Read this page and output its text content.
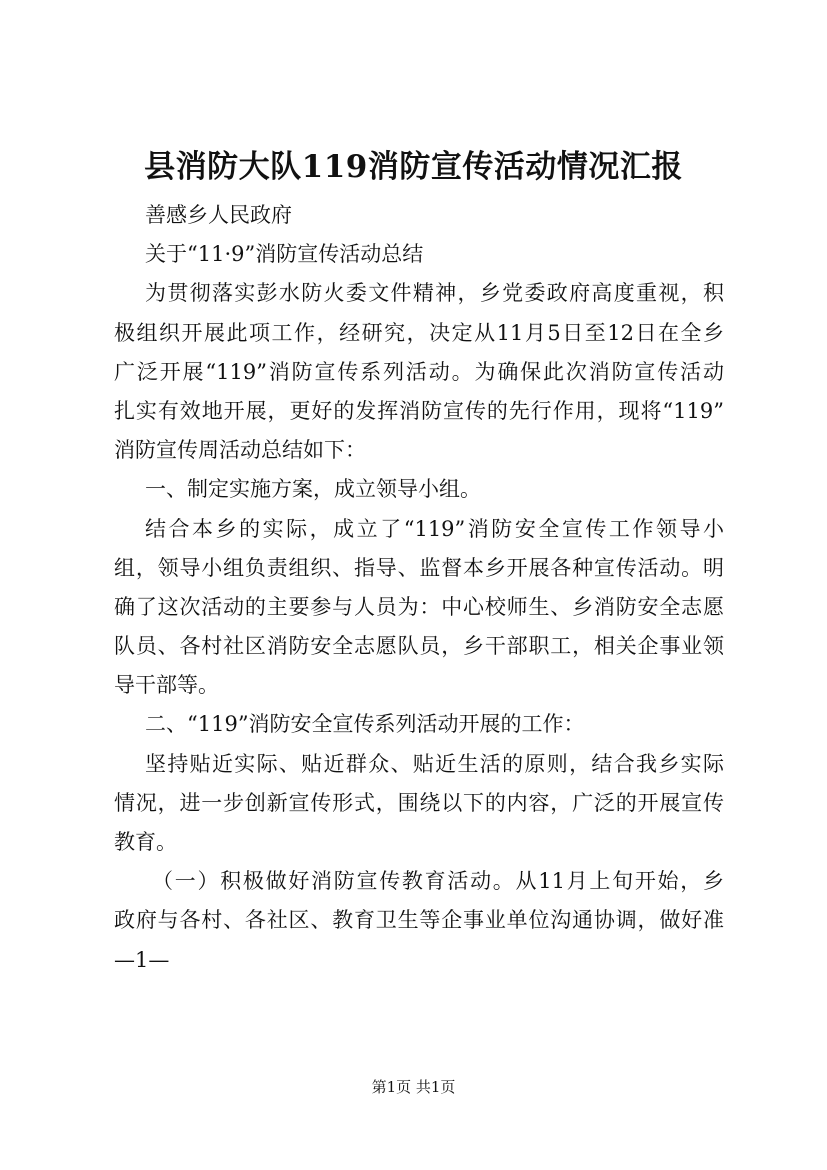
县消防大队119消防宣传活动情况汇报
善感乡人民政府
关于“11·9”消防宣传活动总结
为贯彻落实彭水防火委文件精神，乡党委政府高度重视，积
极组织开展此项工作，经研究，决定从11月5日至12日在全乡
广泛开展“119”消防宣传系列活动。为确保此次消防宣传活动
扎实有效地开展，更好的发挥消防宣传的先行作用，现将“119”
消防宣传周活动总结如下：
一、制定实施方案，成立领导小组。
结合本乡的实际，成立了“119”消防安全宣传工作领导小
组，领导小组负责组织、指导、监督本乡开展各种宣传活动。明
确了这次活动的主要参与人员为：中心校师生、乡消防安全志愿
队员、各村社区消防安全志愿队员，乡干部职工，相关企事业领
导干部等。
二、“119”消防安全宣传系列活动开展的工作：
坚持贴近实际、贴近群众、贴近生活的原则，结合我乡实际
情况，进一步创新宣传形式，围绕以下的内容，广泛的开展宣传
教育。
（一）积极做好消防宣传教育活动。从11月上旬开始，乡
政府与各村、各社区、教育卫生等企事业单位沟通协调，做好准
—1—
第1页 共1页
